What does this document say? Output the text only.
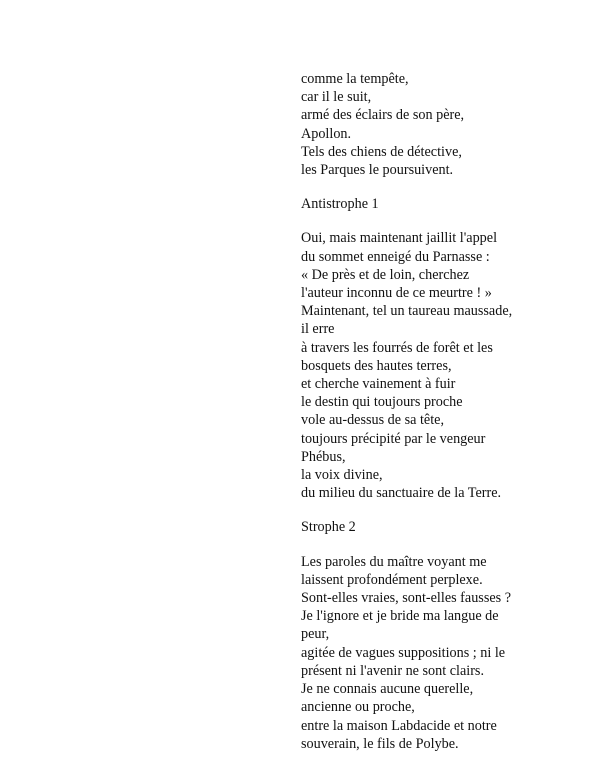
comme la tempête,
car il le suit,
armé des éclairs de son père,
Apollon.
Tels des chiens de détective,
les Parques le poursuivent.
Antistrophe 1
Oui, mais maintenant jaillit l'appel
du sommet enneigé du Parnasse :
« De près et de loin, cherchez
l'auteur inconnu de ce meurtre ! »
Maintenant, tel un taureau maussade,
il erre
à travers les fourrés de forêt et les
bosquets des hautes terres,
et cherche vainement à fuir
le destin qui toujours proche
vole au-dessus de sa tête,
toujours précipité par le vengeur
Phébus,
la voix divine,
du milieu du sanctuaire de la Terre.
Strophe 2
Les paroles du maître voyant me
laissent profondément perplexe.
Sont-elles vraies, sont-elles fausses ?
Je l'ignore et je bride ma langue de
peur,
agitée de vagues suppositions ; ni le
présent ni l'avenir ne sont clairs.
Je ne connais aucune querelle,
ancienne ou proche,
entre la maison Labdacide et notre
souverain, le fils de Polybe.
